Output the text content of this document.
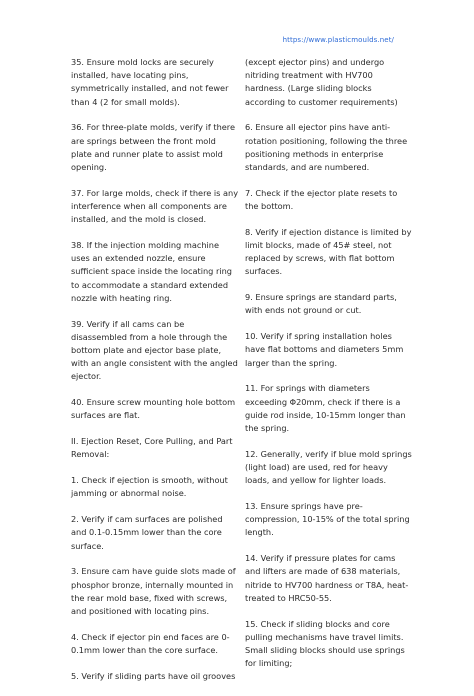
https://www.plasticmoulds.net/

35. Ensure mold locks are securely installed, have locating pins, symmetrically installed, and not fewer than 4 (2 for small molds).

36. For three-plate molds, verify if there are springs between the front mold plate and runner plate to assist mold opening.

37. For large molds, check if there is any interference when all components are installed, and the mold is closed.

38. If the injection molding machine uses an extended nozzle, ensure sufficient space inside the locating ring to accommodate a standard extended nozzle with heating ring.

39. Verify if all cams can be disassembled from a hole through the bottom plate and ejector base plate, with an angle consistent with the angled ejector.

40. Ensure screw mounting hole bottom surfaces are flat.

II. Ejection Reset, Core Pulling, and Part Removal:

1. Check if ejection is smooth, without jamming or abnormal noise.

2. Verify if cam surfaces are polished and 0.1-0.15mm lower than the core surface.

3. Ensure cam have guide slots made of phosphor bronze, internally mounted in the rear mold base, fixed with screws, and positioned with locating pins.

4. Check if ejector pin end faces are 0-0.1mm lower than the core surface.

5. Verify if sliding parts have oil grooves

(except ejector pins) and undergo nitriding treatment with HV700 hardness. (Large sliding blocks according to customer requirements)

6. Ensure all ejector pins have anti-rotation positioning, following the three positioning methods in enterprise standards, and are numbered.

7. Check if the ejector plate resets to the bottom.

8. Verify if ejection distance is limited by limit blocks, made of 45# steel, not replaced by screws, with flat bottom surfaces.

9. Ensure springs are standard parts, with ends not ground or cut.

10. Verify if spring installation holes have flat bottoms and diameters 5mm larger than the spring.

11. For springs with diameters exceeding Φ20mm, check if there is a guide rod inside, 10-15mm longer than the spring.

12. Generally, verify if blue mold springs (light load) are used, red for heavy loads, and yellow for lighter loads.

13. Ensure springs have pre-compression, 10-15% of the total spring length.

14. Verify if pressure plates for cams and lifters are made of 638 materials, nitride to HV700 hardness or T8A, heat-treated to HRC50-55.

15. Check if sliding blocks and core pulling mechanisms have travel limits. Small sliding blocks should use springs for limiting;
